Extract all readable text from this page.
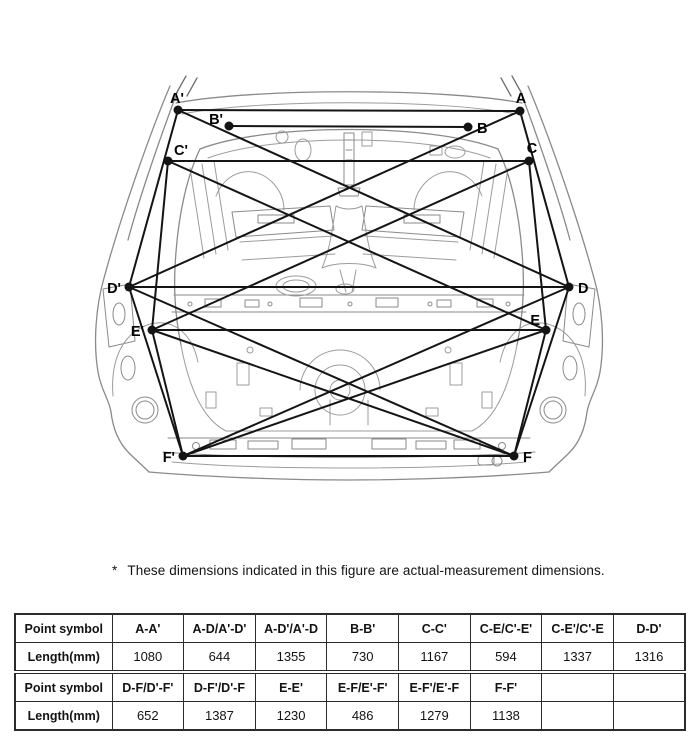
A'	A
B'
B
C'	C
D'	D
E'
E
F'	F
* These dimensions indicated in this figure are actual-measurement dimensions.
Point symbol	A-A'	A-D/A'-D'	A-D'/A'-D	B-B'	C-C'	C-E/C'-E'	C-E'/C'-E	D-D'
Length(mm)	1080	644	1355	730	1167	594	1337	1316
Point symbol	D-F/D'-F'	D-F'/D'-F	E-E'	E-F/E'-F'	E-F'/E'-F	F-F'		
Length(mm)	652	1387	1230	486	1279	1138		
